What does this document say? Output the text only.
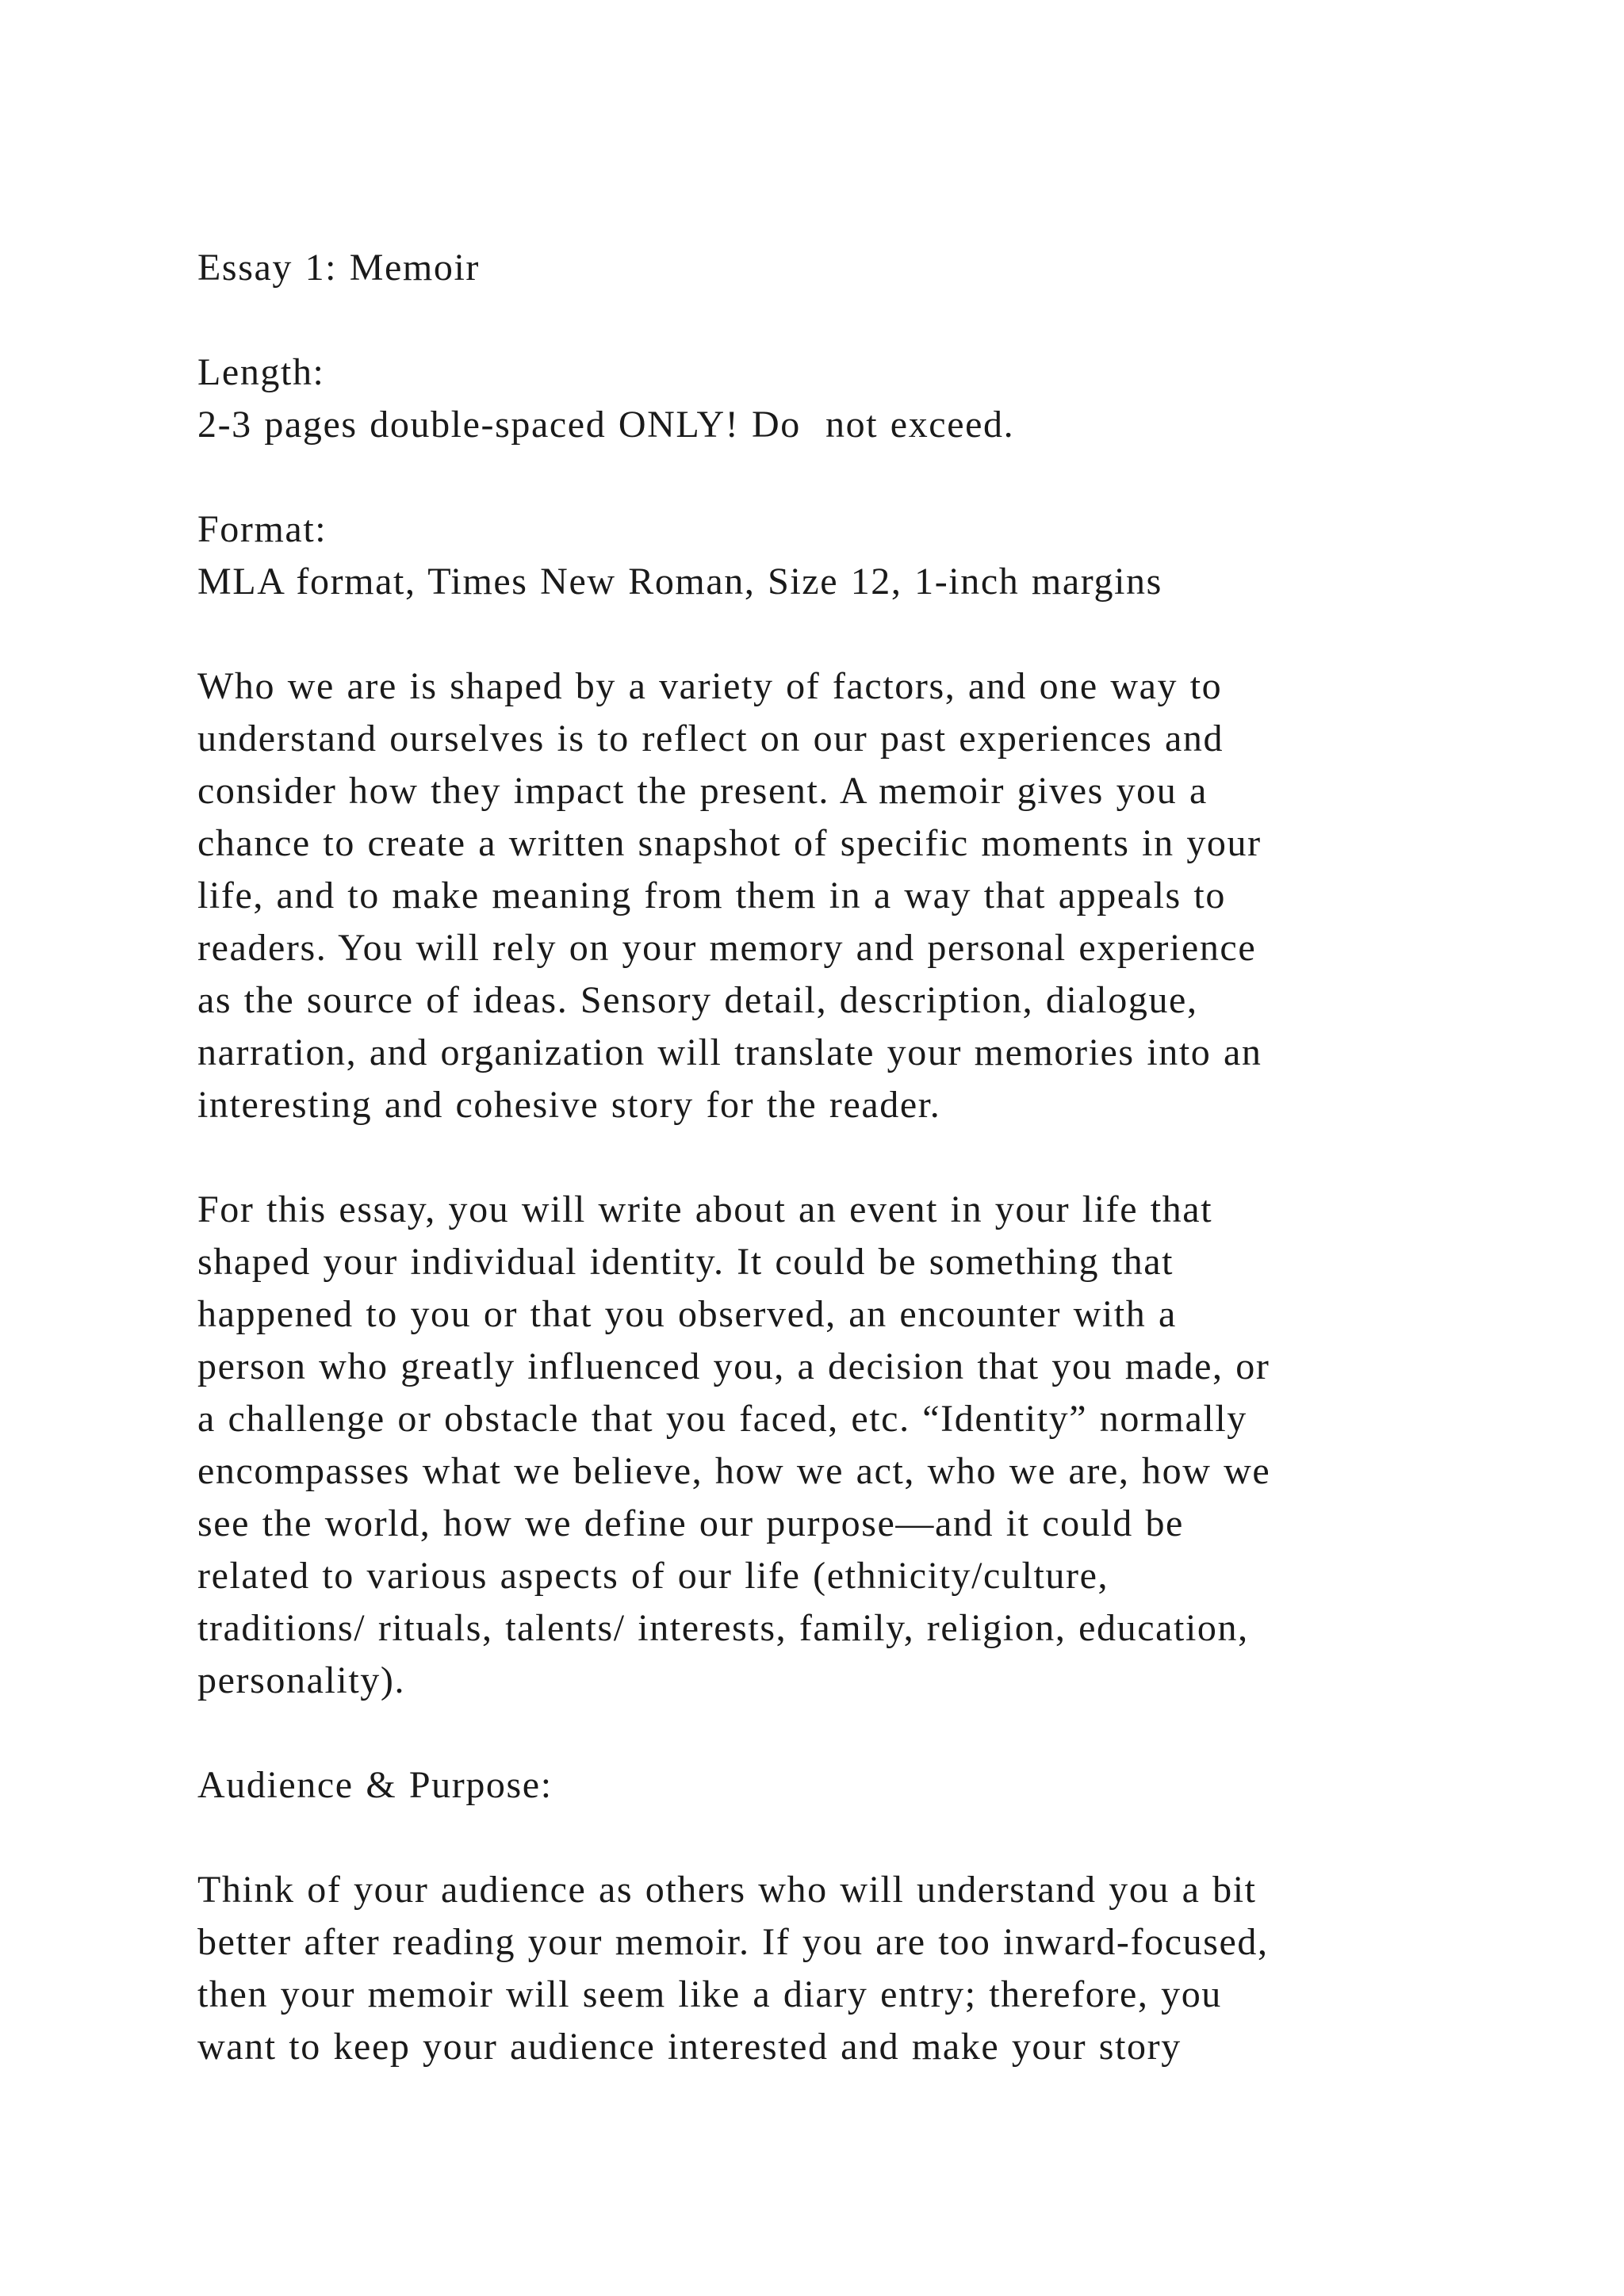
Essay 1: Memoir
Length:
2-3 pages double-spaced ONLY! Do  not exceed.
Format:
MLA format, Times New Roman, Size 12, 1-inch margins
Who we are is shaped by a variety of factors, and one way to
understand ourselves is to reflect on our past experiences and
consider how they impact the present. A memoir gives you a
chance to create a written snapshot of specific moments in your
life, and to make meaning from them in a way that appeals to
readers. You will rely on your memory and personal experience
as the source of ideas. Sensory detail, description, dialogue,
narration, and organization will translate your memories into an
interesting and cohesive story for the reader.
For this essay, you will write about an event in your life that
shaped your individual identity. It could be something that
happened to you or that you observed, an encounter with a
person who greatly influenced you, a decision that you made, or
a challenge or obstacle that you faced, etc. “Identity” normally
encompasses what we believe, how we act, who we are, how we
see the world, how we define our purpose—and it could be
related to various aspects of our life (ethnicity/culture,
traditions/ rituals, talents/ interests, family, religion, education,
personality).
Audience & Purpose:
Think of your audience as others who will understand you a bit
better after reading your memoir. If you are too inward-focused,
then your memoir will seem like a diary entry; therefore, you
want to keep your audience interested and make your story
